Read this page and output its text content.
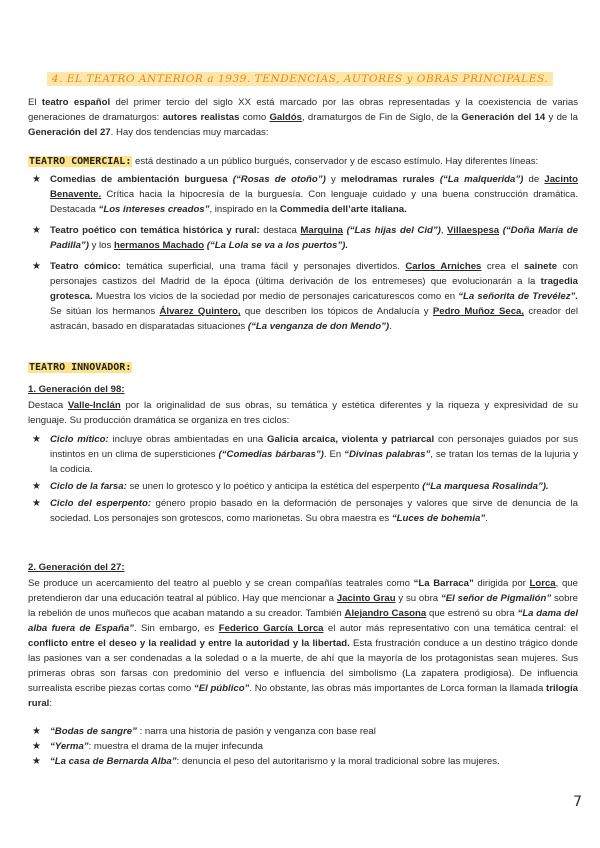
4. EL TEATRO ANTERIOR a 1939. TENDENCIAS, AUTORES y OBRAS PRINCIPALES.
El teatro español del primer tercio del siglo XX está marcado por las obras representadas y la coexistencia de varias generaciones de dramaturgos: autores realistas como Galdós, dramaturgos de Fin de Siglo, de la Generación del 14 y de la Generación del 27. Hay dos tendencias muy marcadas:
TEATRO COMERCIAL: está destinado a un público burgués, conservador y de escaso estímulo. Hay diferentes líneas:
★ Comedias de ambientación burguesa (“Rosas de otoño”) y melodramas rurales (“La malquerida”) de Jacinto Benavente. Crítica hacia la hipocresía de la burguesía. Con lenguaje cuidado y una buena construcción dramática. Destacada “Los intereses creados”, inspirado en la Commedia dell’arte italiana.
★ Teatro poético con temática histórica y rural: destaca Marquina (“Las hijas del Cid”), Villaespesa (“Doña María de Padilla”) y los hermanos Machado (“La Lola se va a los puertos”).
★ Teatro cómico: temática superficial, una trama fácil y personajes divertidos. Carlos Arniches crea el sainete con personajes castizos del Madrid de la época (última derivación de los entremeses) que evolucionarán a la tragedia grotesca. Muestra los vicios de la sociedad por medio de personajes caricaturescos como en “La señorita de Trevélez”. Se sitúan los hermanos Álvarez Quintero, que describen los tópicos de Andalucía y Pedro Muñoz Seca, creador del astracán, basado en disparatadas situaciones (“La venganza de don Mendo”).
TEATRO INNOVADOR:
1. Generación del 98:
Destaca Valle-Inclán por la originalidad de sus obras, su temática y estética diferentes y la riqueza y expresividad de su lenguaje. Su producción dramática se organiza en tres ciclos:
★ Ciclo mítico: incluye obras ambientadas en una Galicia arcaica, violenta y patriarcal con personajes guiados por sus instintos en un clima de supersticiones (“Comedias bárbaras”). En “Divinas palabras”, se tratan los temas de la lujuria y la codicia.
★ Ciclo de la farsa: se unen lo grotesco y lo poético y anticipa la estética del esperpento (“La marquesa Rosalinda”).
★ Ciclo del esperpento: género propio basado en la deformación de personajes y valores que sirve de denuncia de la sociedad. Los personajes son grotescos, como marionetas. Su obra maestra es “Luces de bohemia”.
2. Generación del 27:
Se produce un acercamiento del teatro al pueblo y se crean compañías teatrales como “La Barraca” dirigida por Lorca, que pretendieron dar una educación teatral al público. Hay que mencionar a Jacinto Grau y su obra “El señor de Pigmalión” sobre la rebelión de unos muñecos que acaban matando a su creador. También Alejandro Casona que estrenó su obra “La dama del alba fuera de España”. Sin embargo, es Federico García Lorca el autor más representativo con una temática central: el conflicto entre el deseo y la realidad y entre la autoridad y la libertad. Esta frustración conduce a un destino trágico donde las pasiones van a ser condenadas a la soledad o a la muerte, de ahí que la mayoría de los protagonistas sean mujeres. Sus primeras obras son farsas con predominio del verso e influencia del simbolismo (La zapatera prodigiosa). De influencia surrealista escribe piezas cortas como “El público”. No obstante, las obras más importantes de Lorca forman la llamada trilogía rural:
★ “Bodas de sangre” : narra una historia de pasión y venganza con base real
★ “Yerma”: muestra el drama de la mujer infecunda
★ “La casa de Bernarda Alba”: denuncia el peso del autoritarismo y la moral tradicional sobre las mujeres.
7
